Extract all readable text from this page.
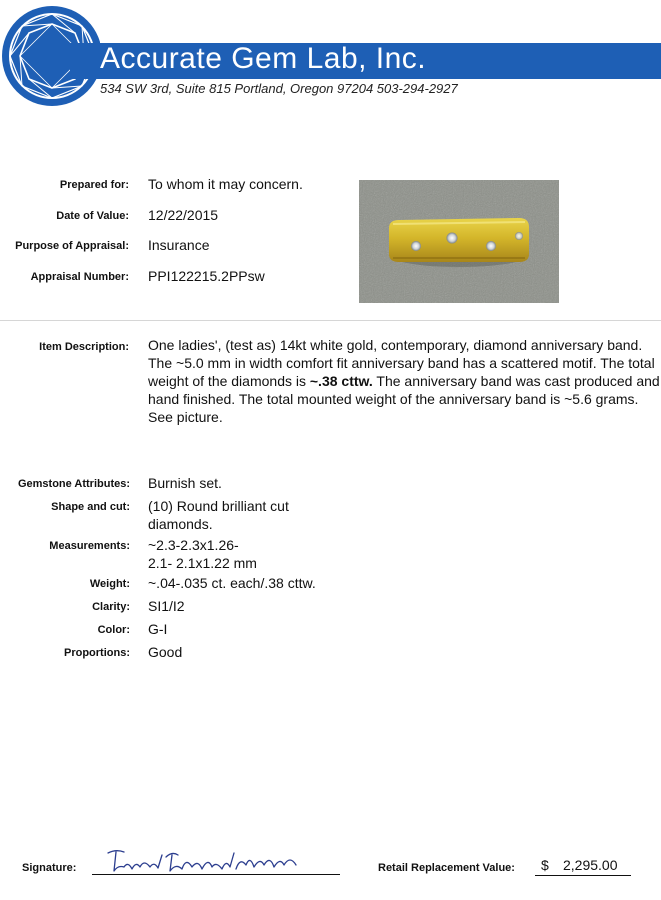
Accurate Gem Lab, Inc.
534 SW 3rd, Suite 815 Portland, Oregon 97204 503-294-2927
Prepared for: To whom it may concern.
Date of Value: 12/22/2015
Purpose of Appraisal: Insurance
Appraisal Number: PPI122215.2PPsw
Item Description: One ladies', (test as) 14kt white gold, contemporary, diamond anniversary band. The ~5.0 mm in width comfort fit anniversary band has a scattered motif. The total weight of the diamonds is ~.38 cttw. The anniversary band was cast produced and hand finished. The total mounted weight of the anniversary band is ~5.6 grams. See picture.
Gemstone Attributes: Burnish set.
Shape and cut: (10) Round brilliant cut
diamonds.
Measurements: ~2.3-2.3x1.26-
2.1- 2.1x1.22 mm
Weight: ~.04-.035 ct. each/.38 cttw.
Clarity: SI1/I2
Color: G-I
Proportions: Good
Signature:	Retail Replacement Value: $ 2,295.00
